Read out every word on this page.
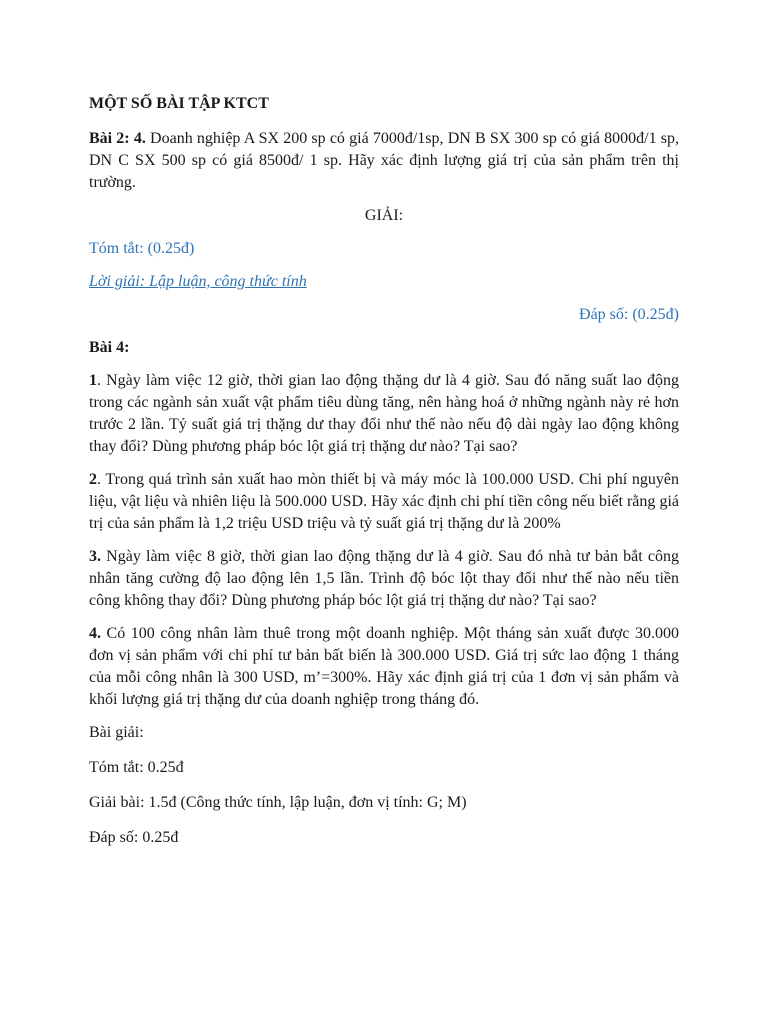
MỘT SỐ BÀI TẬP KTCT

Bài 2: 4. Doanh nghiệp A SX 200 sp có giá 7000đ/1sp, DN B SX 300 sp có giá 8000đ/1 sp, DN C SX 500 sp có giá 8500đ/ 1 sp. Hãy xác định lượng giá trị của sản phẩm trên thị trường.

GIẢI:

Tóm tắt: (0.25đ)

Lời giải: Lập luận, công thức tính

Đáp số: (0.25đ)

Bài 4:

1. Ngày làm việc 12 giờ, thời gian lao động thặng dư là 4 giờ. Sau đó năng suất lao động trong các ngành sản xuất vật phẩm tiêu dùng tăng, nên hàng hoá ở những ngành này rẻ hơn trước 2 lần. Tỷ suất giá trị thặng dư thay đổi như thế nào nếu độ dài ngày lao động không thay đổi? Dùng phương pháp bóc lột giá trị thặng dư nào? Tại sao?

2. Trong quá trình sản xuất hao mòn thiết bị và máy móc là 100.000 USD. Chi phí nguyên liệu, vật liệu và nhiên liệu là 500.000 USD. Hãy xác định chi phí tiền công nếu biết rằng giá trị của sản phẩm là 1,2 triệu USD triệu và tỷ suất giá trị thặng dư là 200%

3. Ngày làm việc 8 giờ, thời gian lao động thặng dư là 4 giờ. Sau đó nhà tư bản bắt công nhân tăng cường độ lao động lên 1,5 lần. Trình độ bóc lột thay đổi như thế nào nếu tiền công không thay đổi? Dùng phương pháp bóc lột giá trị thặng dư nào? Tại sao?

4. Có 100 công nhân làm thuê trong một doanh nghiệp. Một tháng sản xuất được 30.000 đơn vị sản phẩm với chi phí tư bản bất biến là 300.000 USD. Giá trị sức lao động 1 tháng của mỗi công nhân là 300 USD, m’=300%. Hãy xác định giá trị của 1 đơn vị sản phẩm và khối lượng giá trị thặng dư của doanh nghiệp trong tháng đó.

Bài giải:

Tóm tắt: 0.25đ

Giải bài: 1.5đ (Công thức tính, lập luận, đơn vị tính: G; M)

Đáp số: 0.25đ
